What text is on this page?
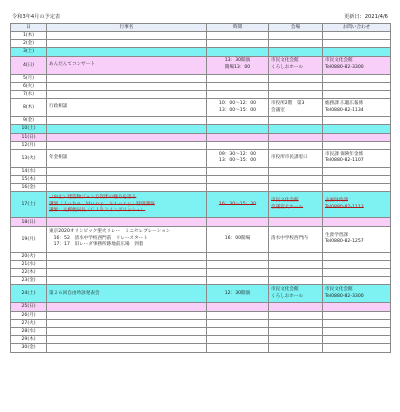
令和3年4月の予定表	更新日：2021/4/6
日	行事名	時間	会場	お問い合わせ
1(木)				
2(金)				
3(土)				
4(日)	あんだんてコンサート	13：30開演
開場13：00	市民文化会館
くろしおホール	市民文化会館
Tel0880-82-3300

5(月)				
6(火)				
7(水)				
8(木)	行政相談	10：00～12：00
13：00～15：00	市役所2階　第3
会議室	総務課 広聴広報係
Tel0880-82-1134

9(金)				
10(土)				
11(日)				
12(月)				
13(火)	年金相談	09：30～12：00
13：00～15：00	市役所市民課窓口	市民課 保険年金係
Tel0880-82-1107

14(水)				
15(木)				
16(金)				
17(土)	（中止）建造物ジョン万次郎の魅力を語る
講演「Ｊｏｈｎ　Ｍｕｎｙ　Ｓｔｏｒｙ」特別講演
講師：元郵便局長（ＣＩＲ２イングリッシュ）	16：30～15：30	市民文化会館
会議室大ホール	企画財政課
Tel0880-82-1113

18(日)				
19(月)	東京2020オリンピック聖火リレー　ミニセレブレーション
　16：52　清水中学校西門前　リレースタート
　17：17　旧レーダ事務所跡地前広場　到着	16：00開場	清水中学校西門内	生涯学習課
Tel0880-82-1257

20(火)				
21(水)				
22(木)				
23(金)				
24(土)	第２６回自由吟詠発表会	12：30開演	市民文化会館
くろしおホール	市民文化会館
Tel0880-82-3300

25(日)				
26(月)				
27(火)				
28(水)				
29(木)				
30(金)				
